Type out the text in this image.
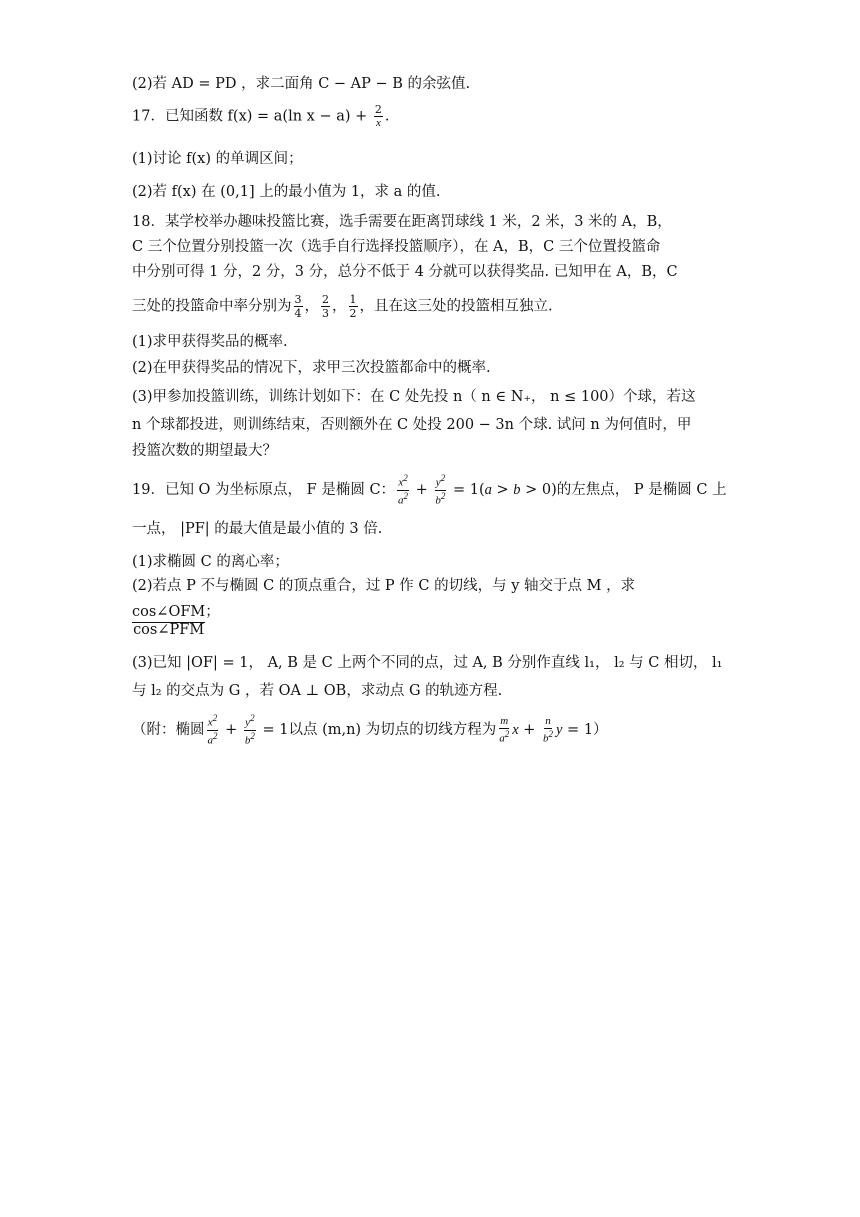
(2)若 AD = PD ，求二面角 C − AP − B 的余弦值.
17．已知函数 f(x) = a(ln $x - a) + \frac{2}{x}$ .
(1)讨论 f(x) 的单调区间；
(2)若 f(x) 在 (0,1] 上的最小值为 1，求 a 的值.
18．某学校举办趣味投篮比赛，选手需要在距离罚球线 1 米，2 米，3 米的 A，B，
C 三个位置分别投篮一次（选手自行选择投篮顺序），在 A，B，C 三个位置投篮命
中分别可得 1 分，2 分，3 分，总分不低于 4 分就可以获得奖品. 已知甲在 A，B，C
三处的投篮命中率分别为 $\frac{3}{4}$ ， $\frac{2}{3}$ ， $\frac{1}{2}$ ，且在这三处的投篮相互独立.
(1)求甲获得奖品的概率.
(2)在甲获得奖品的情况下，求甲三次投篮都命中的概率.
(3)甲参加投篮训练，训练计划如下：在 C 处先投 n（ n ∈ N₊， n ≤ 100）个球，若这
n 个球都投进，则训练结束，否则额外在 C 处投 200 − 3n 个球. 试问 n 为何值时，甲
投篮次数的期望最大？
19．已知 O 为坐标原点， F 是椭圆 C： $\frac{x^2}{a^2} + \frac{y^2}{b^2} = 1(a > b > 0)$的左焦点， P 是椭圆 C 上
一点， |PF| 的最大值是最小值的 3 倍.
(1)求椭圆 C 的离心率；
(2)若点 P 不与椭圆 C 的顶点重合，过 P 作 C 的切线，与 y 轴交于点 M ，求
$\frac{\text{cos∠OFM}}{\text{cos∠PFM}}$ ；
(3)已知 |OF| = 1， A, B 是 C 上两个不同的点，过 A, B 分别作直线 l₁， l₂ 与 C 相切， l₁
与 l₂ 的交点为 G ，若 OA ⊥ OB，求动点 G 的轨迹方程.
（附：椭圆 $\frac{x^2}{a^2} + \frac{y^2}{b^2} = 1$以点 (m,n) 为切点的切线方程为 $\frac{m}{a^2}$ $x + \frac{n}{b^2}$ y = 1）
